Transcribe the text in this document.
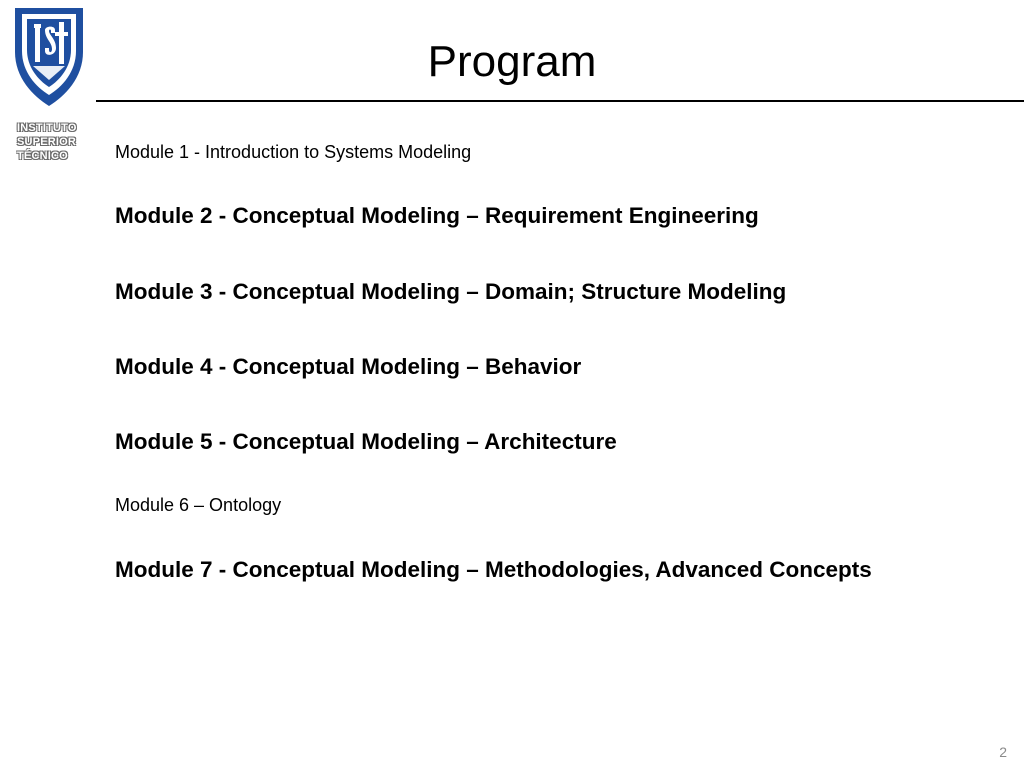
INSTITUTO
SUPERIOR
TÉCNICO
Program
Module 1 - Introduction to Systems Modeling
Module 2 - Conceptual Modeling – Requirement Engineering
Module 3 - Conceptual Modeling – Domain; Structure Modeling
Module 4 - Conceptual Modeling – Behavior
Module 5 - Conceptual Modeling – Architecture
Module 6 – Ontology
Module 7 - Conceptual Modeling – Methodologies, Advanced Concepts
2
